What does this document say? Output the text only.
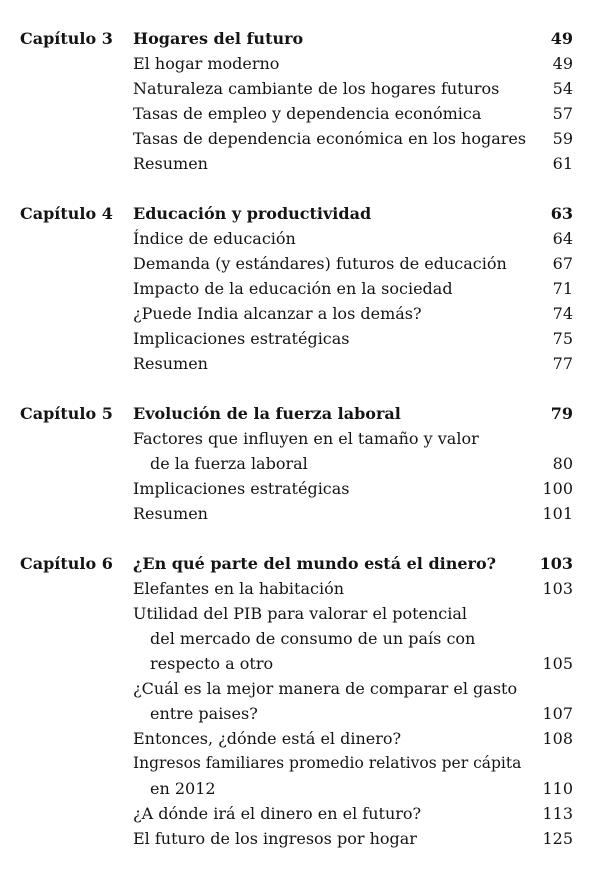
Capítulo 3 Hogares del futuro	49
El hogar moderno	49
Naturaleza cambiante de los hogares futuros	54
Tasas de empleo y dependencia económica	57
Tasas de dependencia económica en los hogares 59
Resumen	61
Capítulo 4 Educación y productividad	63
Índice de educación	64
Demanda (y estándares) futuros de educación	67
Impacto de la educación en la sociedad	71
¿Puede India alcanzar a los demás?	74
Implicaciones estratégicas	75
Resumen	77
Capítulo 5 Evolución de la fuerza laboral	79
Factores que influyen en el tamaño y valor
de la fuerza laboral	80
Implicaciones estratégicas	100
Resumen	101
Capítulo 6 ¿En qué parte del mundo está el dinero?	103
Elefantes en la habitación	103
Utilidad del PIB para valorar el potencial
del mercado de consumo de un país con
respecto a otro	105
¿Cuál es la mejor manera de comparar el gasto
entre paises?	107
Entonces, ¿dónde está el dinero?	108
Ingresos familiares promedio relativos per cápita
en 2012	110
¿A dónde irá el dinero en el futuro?	113
El futuro de los ingresos por hogar	125
